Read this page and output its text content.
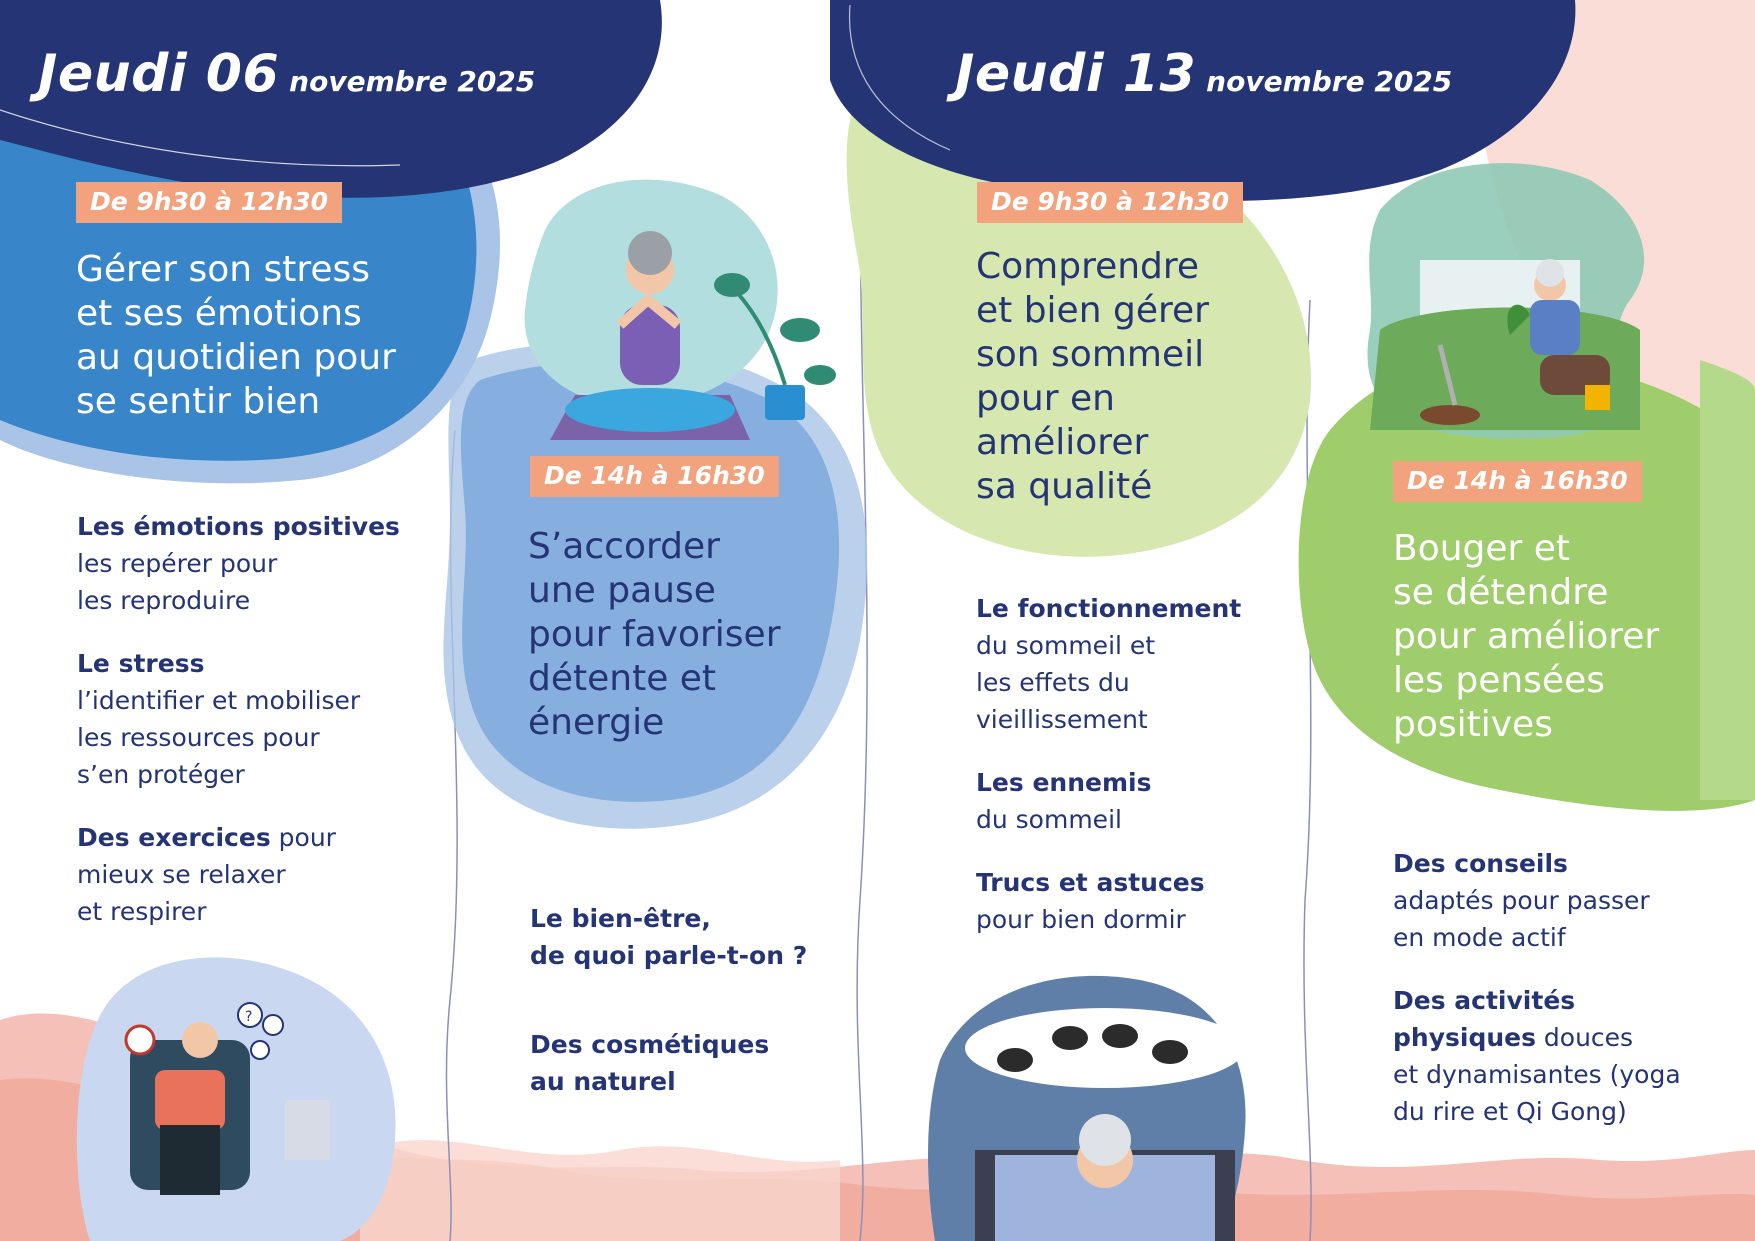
?
Jeudi 06 novembre 2025	Jeudi 13 novembre 2025
De 9h30 à 12h30
De 14h à 16h30
De 9h30 à 12h30
De 14h à 16h30
Gérer son stress
et ses émotions
au quotidien pour
se sentir bien
S’accorder
une pause
pour favoriser
détente et
énergie
Comprendre
et bien gérer
son sommeil
pour en
améliorer
sa qualité
Bouger et
se détendre
pour améliorer
les pensées
positives
Les émotions positives
les repérer pour
les reproduire
Le stress
l’identifier et mobiliser
les ressources pour
s’en protéger
Des exercices pour
mieux se relaxer
et respirer	Le bien-être,
de quoi parle-t-on ?
Des cosmétiques
au naturel
Le fonctionnement
du sommeil et
les effets du
vieillissement
Les ennemis
du sommeil
Trucs et astuces
pour bien dormir
Des conseils
adaptés pour passer
en mode actif
Des activités
physiques douces
et dynamisantes (yoga
du rire et Qi Gong)
